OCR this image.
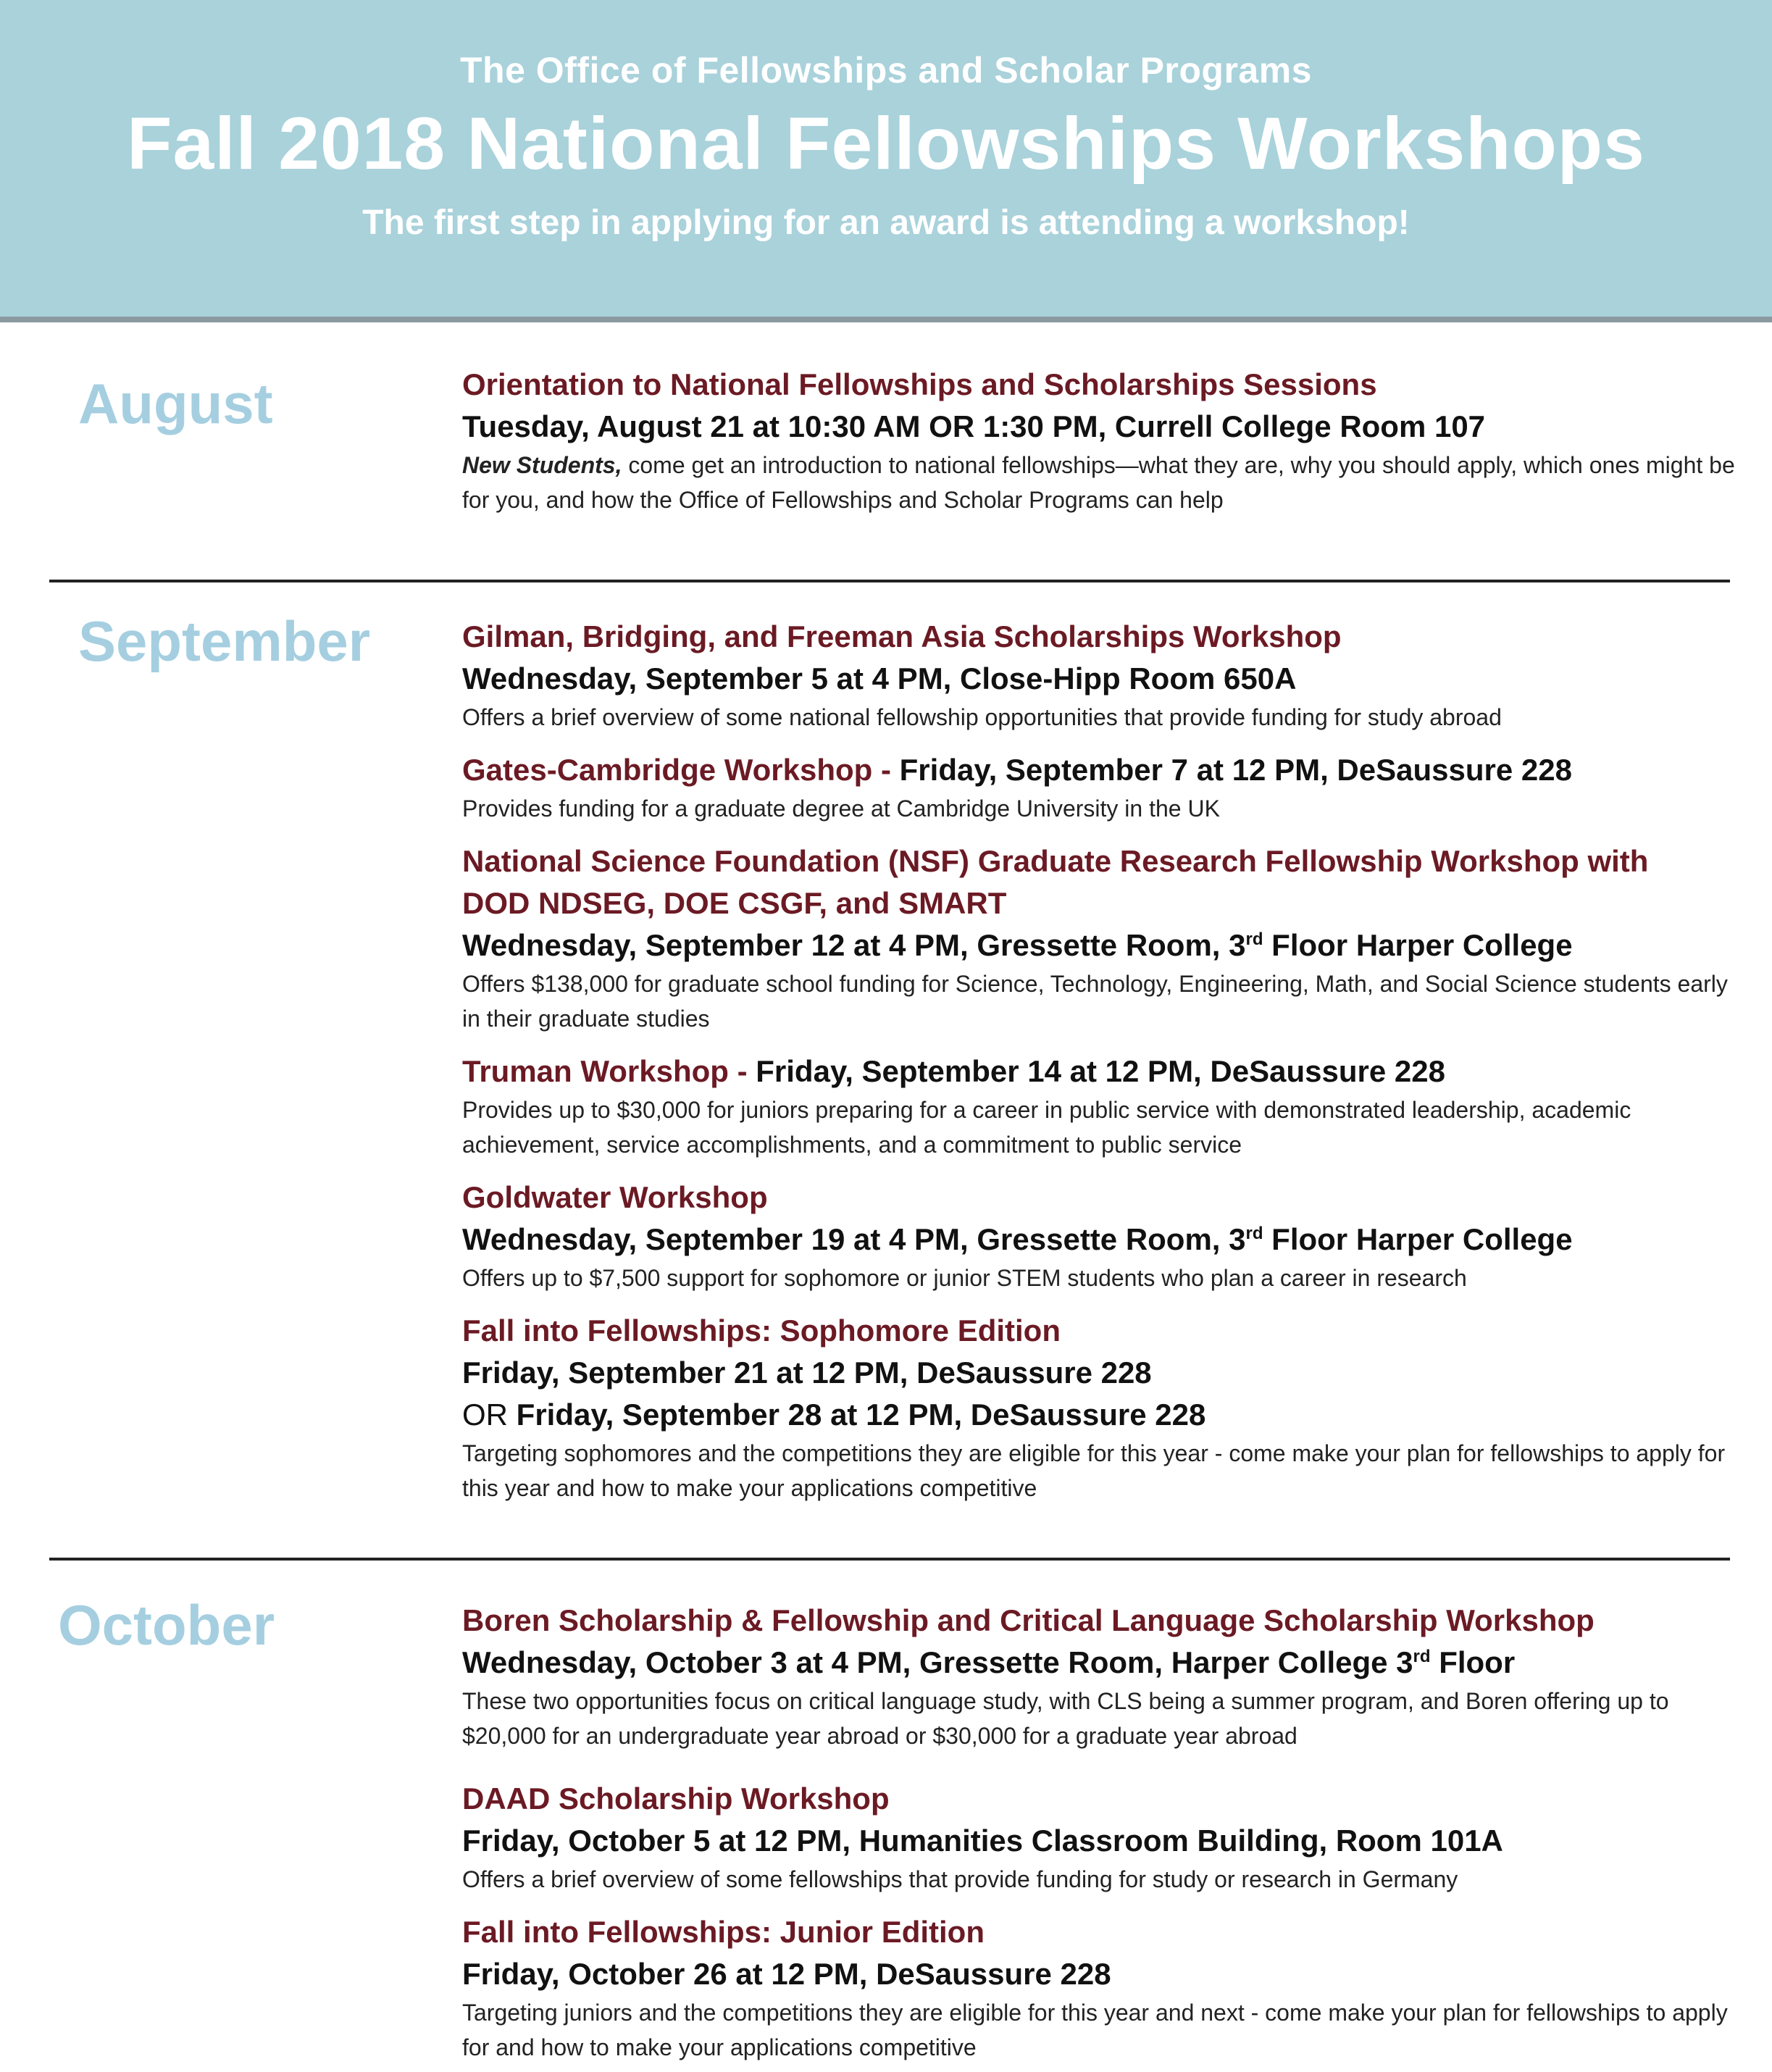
The Office of Fellowships and Scholar Programs
Fall 2018 National Fellowships Workshops
The first step in applying for an award is attending a workshop!
August	Orientation to National Fellowships and Scholarships Sessions
Tuesday, August 21 at 10:30 AM OR 1:30 PM, Currell College Room 107
New Students, come get an introduction to national fellowships—what they are, why you should apply, which ones might be for you, and how the Office of Fellowships and Scholar Programs can help
September	Gilman, Bridging, and Freeman Asia Scholarships Workshop
Wednesday, September 5 at 4 PM, Close-Hipp Room 650A
Offers a brief overview of some national fellowship opportunities that provide funding for study abroad
Gates-Cambridge Workshop - Friday, September 7 at 12 PM, DeSaussure 228
Provides funding for a graduate degree at Cambridge University in the UK
National Science Foundation (NSF) Graduate Research Fellowship Workshop with DOD NDSEG, DOE CSGF, and SMART
Wednesday, September 12 at 4 PM, Gressette Room, 3rd Floor Harper College
Offers $138,000 for graduate school funding for Science, Technology, Engineering, Math, and Social Science students early in their graduate studies
Truman Workshop - Friday, September 14 at 12 PM, DeSaussure 228
Provides up to $30,000 for juniors preparing for a career in public service with demonstrated leadership, academic achievement, service accomplishments, and a commitment to public service
Goldwater Workshop
Wednesday, September 19 at 4 PM, Gressette Room, 3rd Floor Harper College
Offers up to $7,500 support for sophomore or junior STEM students who plan a career in research
Fall into Fellowships: Sophomore Edition
Friday, September 21 at 12 PM, DeSaussure 228
OR Friday, September 28 at 12 PM, DeSaussure 228
Targeting sophomores and the competitions they are eligible for this year - come make your plan for fellowships to apply for this year and how to make your applications competitive
October	Boren Scholarship & Fellowship and Critical Language Scholarship Workshop
Wednesday, October 3 at 4 PM, Gressette Room, Harper College 3rd Floor
These two opportunities focus on critical language study, with CLS being a summer program, and Boren offering up to $20,000 for an undergraduate year abroad or $30,000 for a graduate year abroad
DAAD Scholarship Workshop
Friday, October 5 at 12 PM, Humanities Classroom Building, Room 101A
Offers a brief overview of some fellowships that provide funding for study or research in Germany
Fall into Fellowships: Junior Edition
Friday, October 26 at 12 PM, DeSaussure 228
Targeting juniors and the competitions they are eligible for this year and next - come make your plan for fellowships to apply for and how to make your applications competitive
